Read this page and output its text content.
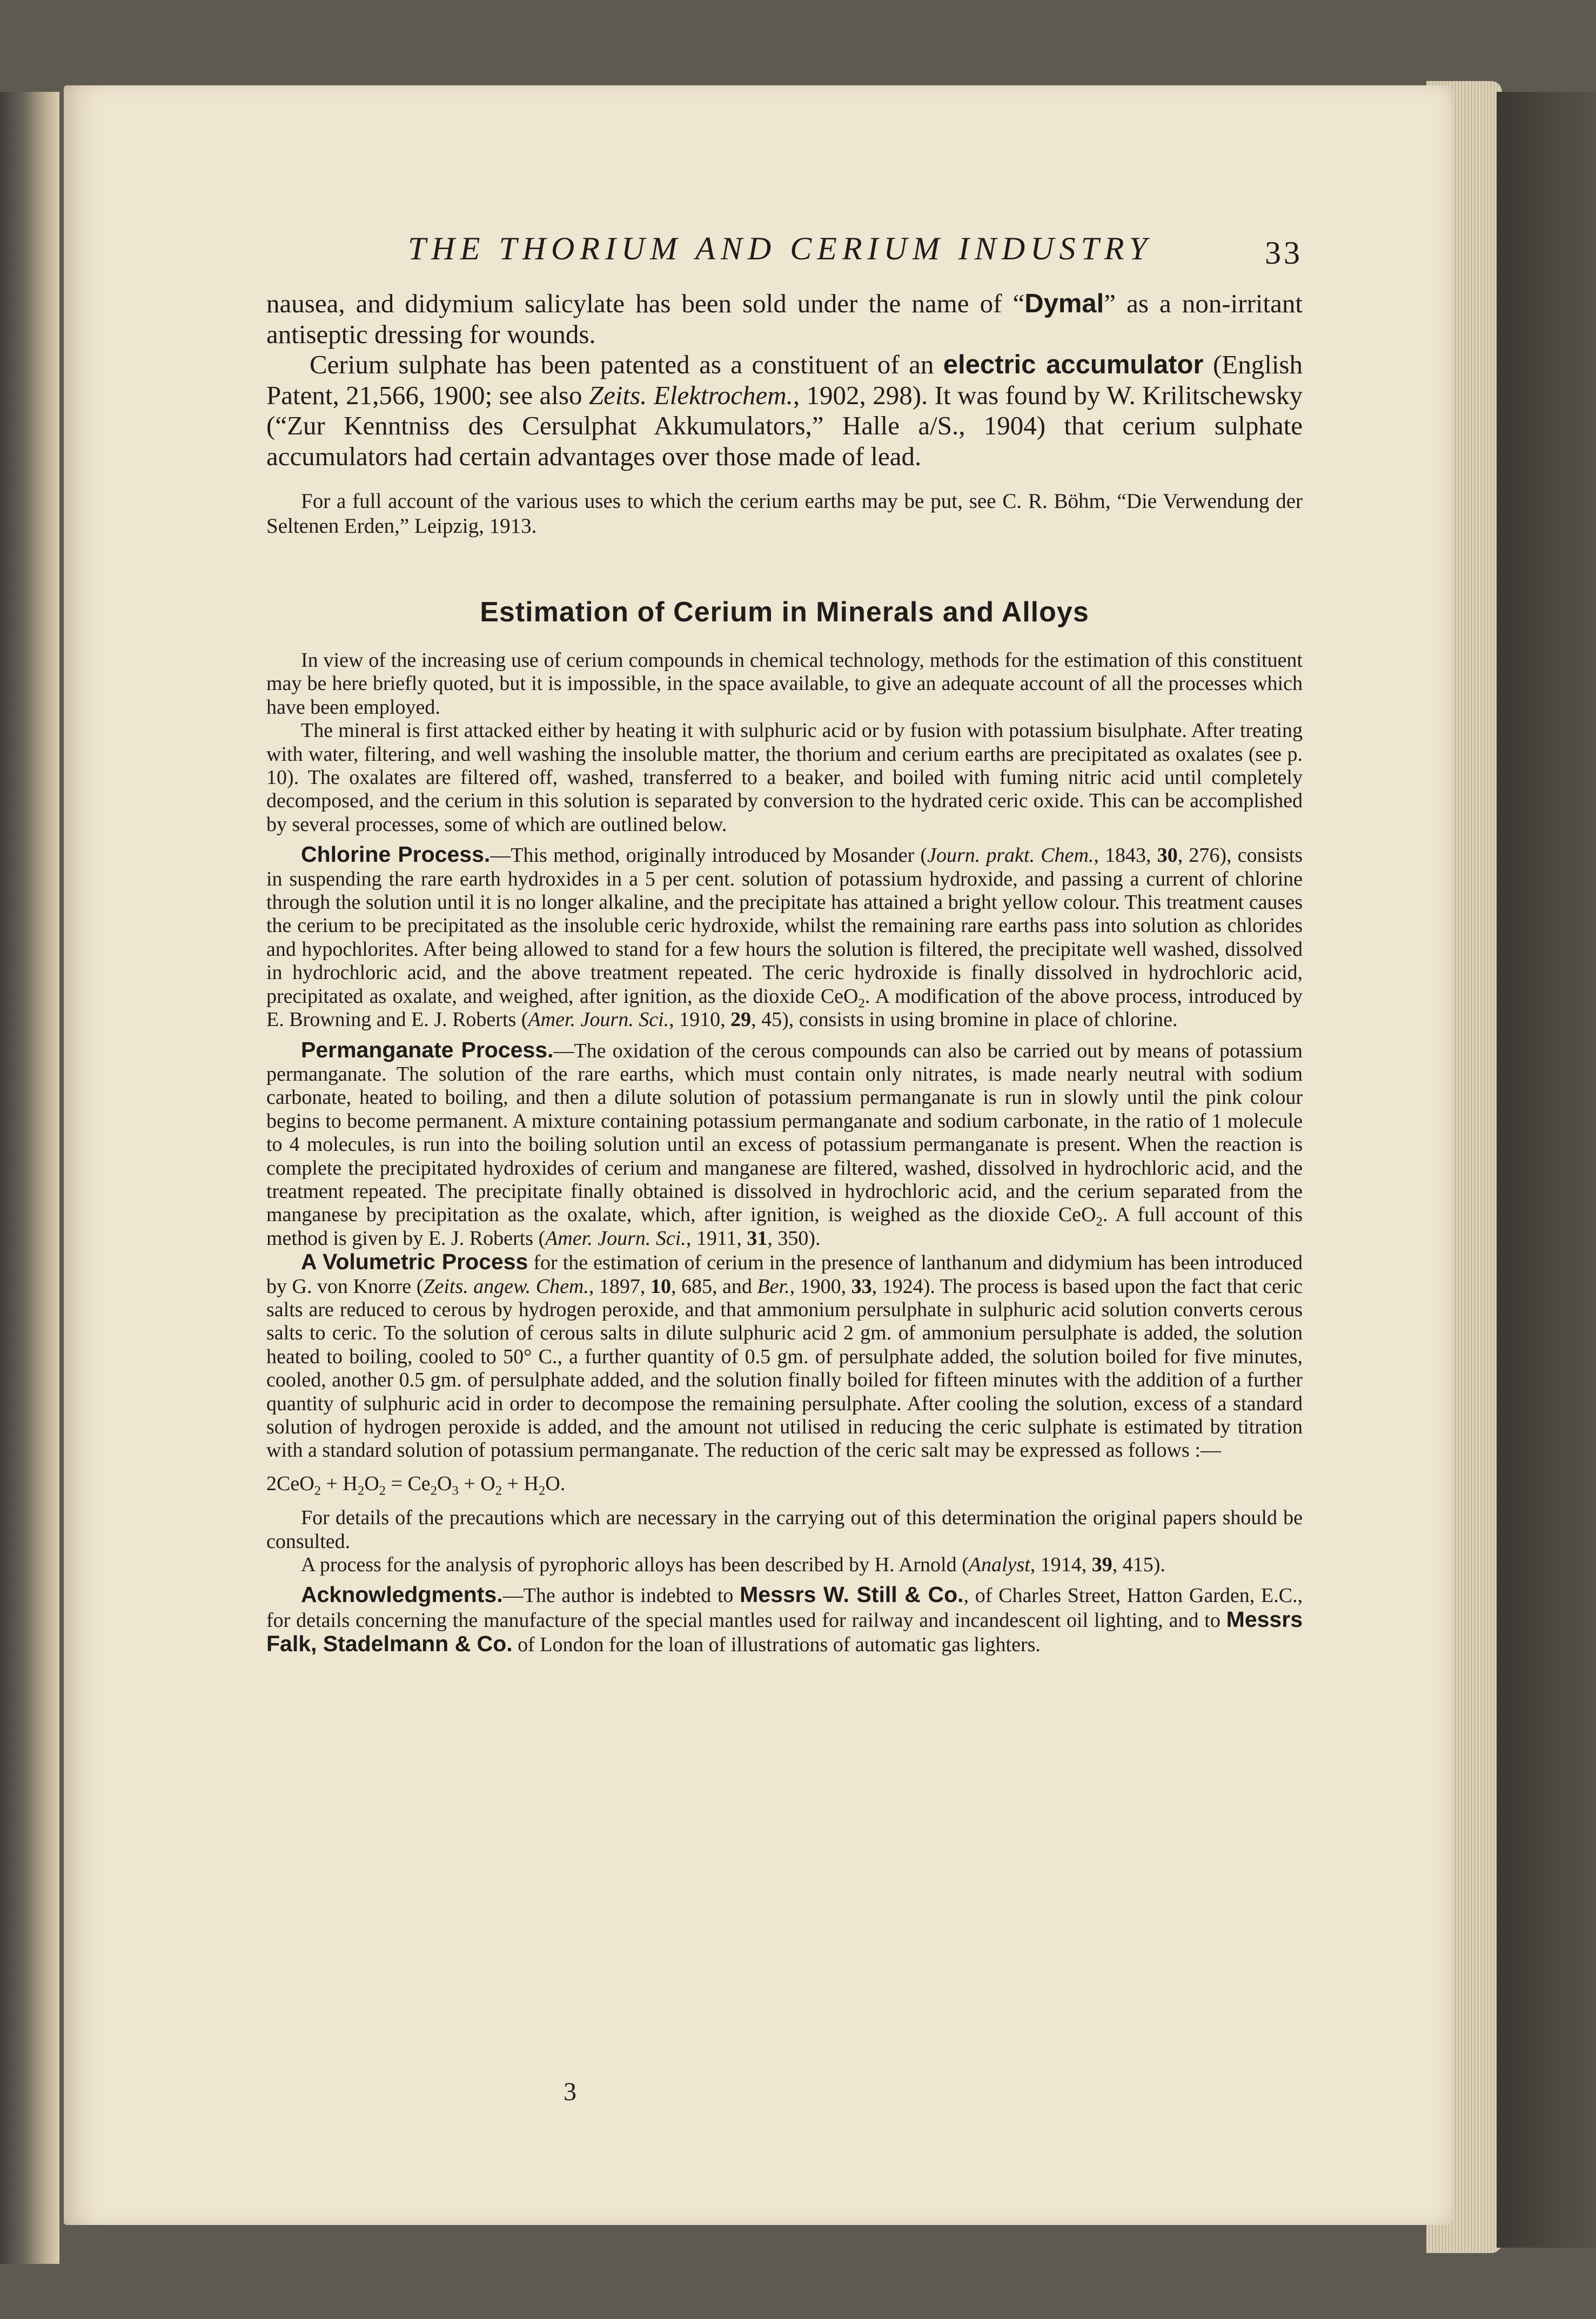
THE THORIUM AND CERIUM INDUSTRY	33

nausea, and didymium salicylate has been sold under the name of “Dymal” as a non-irritant antiseptic dressing for wounds.

Cerium sulphate has been patented as a constituent of an electric accumulator (English Patent, 21,566, 1900; see also Zeits. Elektrochem., 1902, 298). It was found by W. Krilitschewsky (“Zur Kenntniss des Cersulphat Akkumulators,” Halle a/S., 1904) that cerium sulphate accumulators had certain advantages over those made of lead.

For a full account of the various uses to which the cerium earths may be put, see C. R. Böhm, “Die Verwendung der Seltenen Erden,” Leipzig, 1913.

Estimation of Cerium in Minerals and Alloys

In view of the increasing use of cerium compounds in chemical technology, methods for the estimation of this constituent may be here briefly quoted, but it is impossible, in the space available, to give an adequate account of all the processes which have been employed.

The mineral is first attacked either by heating it with sulphuric acid or by fusion with potassium bisulphate. After treating with water, filtering, and well washing the insoluble matter, the thorium and cerium earths are precipitated as oxalates (see p. 10). The oxalates are filtered off, washed, transferred to a beaker, and boiled with fuming nitric acid until completely decomposed, and the cerium in this solution is separated by conversion to the hydrated ceric oxide. This can be accomplished by several processes, some of which are outlined below.

Chlorine Process.—This method, originally introduced by Mosander (Journ. prakt. Chem., 1843, 30, 276), consists in suspending the rare earth hydroxides in a 5 per cent. solution of potassium hydroxide, and passing a current of chlorine through the solution until it is no longer alkaline, and the precipitate has attained a bright yellow colour. This treatment causes the cerium to be precipitated as the insoluble ceric hydroxide, whilst the remaining rare earths pass into solution as chlorides and hypochlorites. After being allowed to stand for a few hours the solution is filtered, the precipitate well washed, dissolved in hydrochloric acid, and the above treatment repeated. The ceric hydroxide is finally dissolved in hydrochloric acid, precipitated as oxalate, and weighed, after ignition, as the dioxide CeO$_2$. A modification of the above process, introduced by E. Browning and E. J. Roberts (Amer. Journ. Sci., 1910, 29, 45), consists in using bromine in place of chlorine.

Permanganate Process.—The oxidation of the cerous compounds can also be carried out by means of potassium permanganate. The solution of the rare earths, which must contain only nitrates, is made nearly neutral with sodium carbonate, heated to boiling, and then a dilute solution of potassium permanganate is run in slowly until the pink colour begins to become permanent. A mixture containing potassium permanganate and sodium carbonate, in the ratio of 1 molecule to 4 molecules, is run into the boiling solution until an excess of potassium permanganate is present. When the reaction is complete the precipitated hydroxides of cerium and manganese are filtered, washed, dissolved in hydrochloric acid, and the treatment repeated. The precipitate finally obtained is dissolved in hydrochloric acid, and the cerium separated from the manganese by precipitation as the oxalate, which, after ignition, is weighed as the dioxide CeO$_2$. A full account of this method is given by E. J. Roberts (Amer. Journ. Sci., 1911, 31, 350).

A Volumetric Process for the estimation of cerium in the presence of lanthanum and didymium has been introduced by G. von Knorre (Zeits. angew. Chem., 1897, 10, 685, and Ber., 1900, 33, 1924). The process is based upon the fact that ceric salts are reduced to cerous by hydrogen peroxide, and that ammonium persulphate in sulphuric acid solution converts cerous salts to ceric. To the solution of cerous salts in dilute sulphuric acid 2 gm. of ammonium persulphate is added, the solution heated to boiling, cooled to 50° C., a further quantity of 0.5 gm. of persulphate added, the solution boiled for five minutes, cooled, another 0.5 gm. of persulphate added, and the solution finally boiled for fifteen minutes with the addition of a further quantity of sulphuric acid in order to decompose the remaining persulphate. After cooling the solution, excess of a standard solution of hydrogen peroxide is added, and the amount not utilised in reducing the ceric sulphate is estimated by titration with a standard solution of potassium permanganate. The reduction of the ceric salt may be expressed as follows :—

$2CeO_2 + H_2O_2 = Ce_2O_3 + O_2 + H_2O$.

For details of the precautions which are necessary in the carrying out of this determination the original papers should be consulted.

A process for the analysis of pyrophoric alloys has been described by H. Arnold (Analyst, 1914, 39, 415).

Acknowledgments.—The author is indebted to Messrs W. Still & Co., of Charles Street, Hatton Garden, E.C., for details concerning the manufacture of the special mantles used for railway and incandescent oil lighting, and to Messrs Falk, Stadelmann & Co. of London for the loan of illustrations of automatic gas lighters.

3
